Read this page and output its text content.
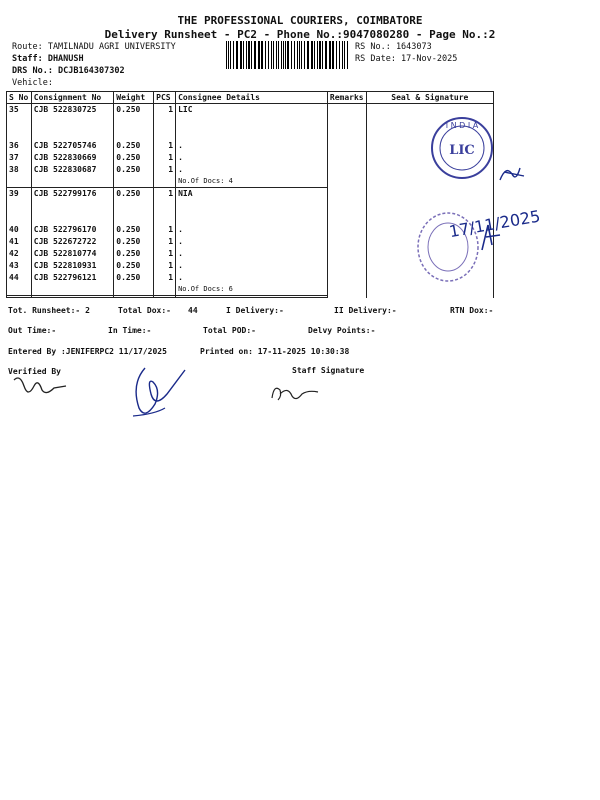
THE PROFESSIONAL COURIERS, COIMBATORE
Delivery Runsheet - PC2 - Phone No.:9047080280 - Page No.:2
Route: TAMILNADU AGRI UNIVERSITY
Staff: DHANUSH
DRS No.: DCJB164307302
Vehicle:
RS No.: 1643073
RS Date: 17-Nov-2025
S No	Consignment No	Weight	PCS	Consignee Details	Remarks	Seal & Signature
35	CJB 522830725	0.250	1	LIC		

36	CJB 522705746	0.250	1	.		
37	CJB 522830669	0.250	1	.		
38	CJB 522830687	0.250	1	.		
				No.Of Docs: 4		

39	CJB 522799176	0.250	1	NIA		

40	CJB 522796170	0.250	1	.		
41	CJB 522672722	0.250	1	.		
42	CJB 522810774	0.250	1	.		
43	CJB 522810931	0.250	1	.		
44	CJB 522796121	0.250	1	.		
				No.Of Docs: 6		

I N D I A
LIC
17/11/2025
Tot. Runsheet:- 2	Total Dox:- 44	I Delivery:-	II Delivery:-	RTN Dox:-
Out Time:-	In Time:-	Total POD:-	Delvy Points:-
Entered By :JENIFERPC2 11/17/2025	Printed on: 17-11-2025 10:30:38
Verified By	Staff Signature
